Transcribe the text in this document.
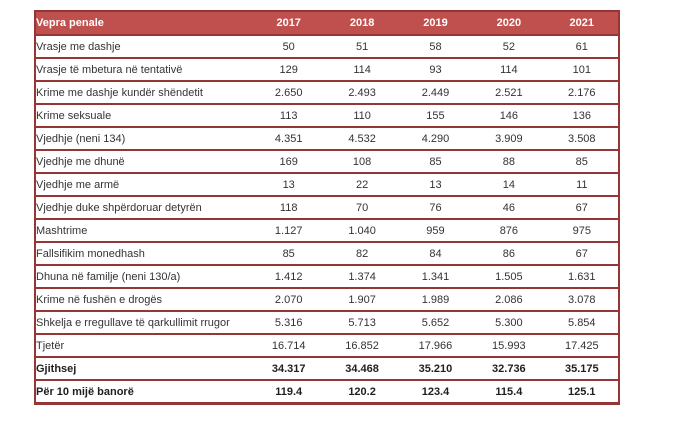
Vepra penale	2017	2018	2019	2020	2021
Vrasje me dashje	50	51	58	52	61
Vrasje të mbetura në tentativë	129	114	93	114	101
Krime me dashje kundër shëndetit	2.650	2.493	2.449	2.521	2.176
Krime seksuale	113	110	155	146	136
Vjedhje (neni 134)	4.351	4.532	4.290	3.909	3.508
Vjedhje me dhunë	169	108	85	88	85
Vjedhje me armë	13	22	13	14	11
Vjedhje duke shpërdoruar detyrën	118	70	76	46	67
Mashtrime	1.127	1.040	959	876	975
Fallsifikim monedhash	85	82	84	86	67
Dhuna në familje (neni 130/a)	1.412	1.374	1.341	1.505	1.631
Krime në fushën e drogës	2.070	1.907	1.989	2.086	3.078
Shkelja e rregullave të qarkullimit rrugor	5.316	5.713	5.652	5.300	5.854
Tjetër	16.714	16.852	17.966	15.993	17.425
Gjithsej	34.317	34.468	35.210	32.736	35.175
Për 10 mijë banorë	119.4	120.2	123.4	115.4	125.1
